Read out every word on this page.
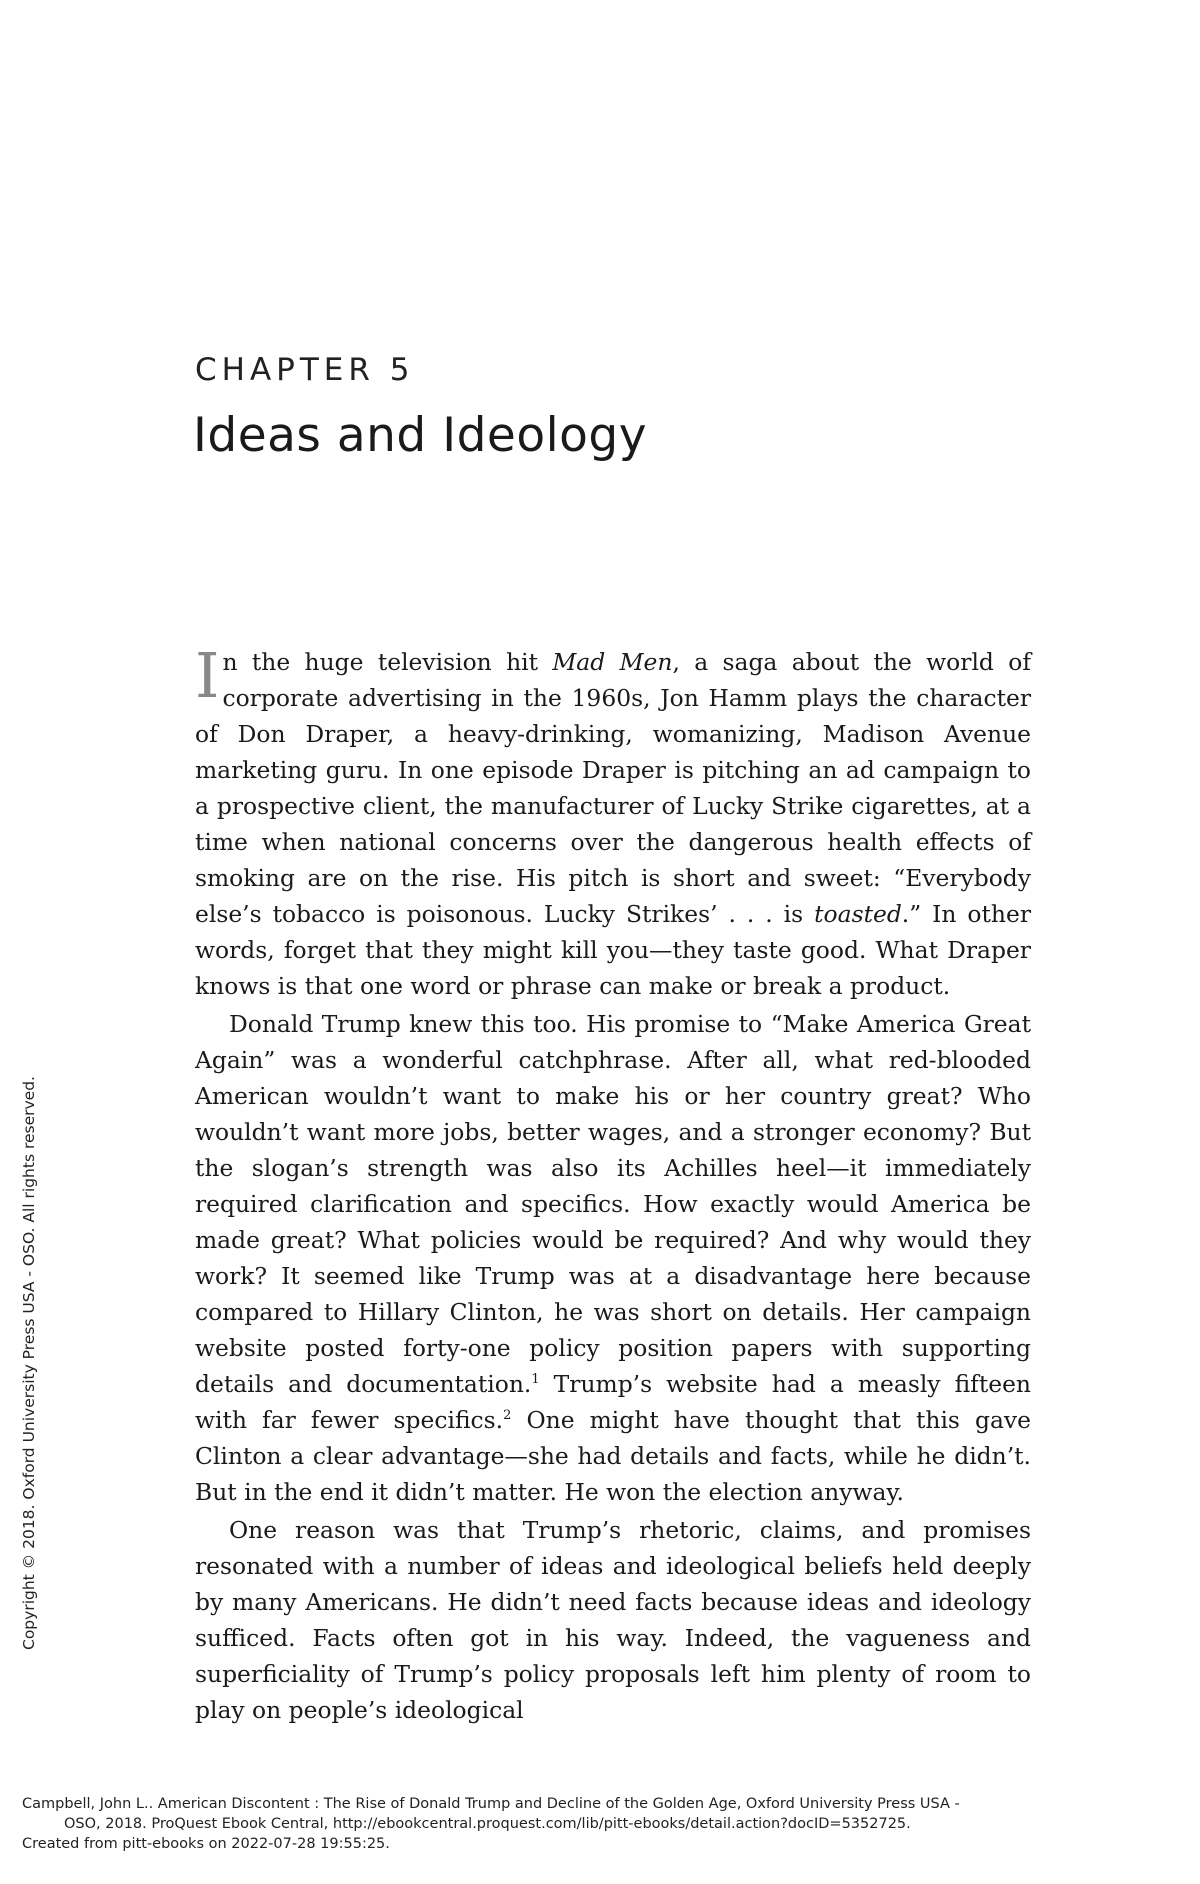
CHAPTER 5
Ideas and Ideology

In the huge television hit Mad Men, a saga about the world of corporate advertising in the 1960s, Jon Hamm plays the character of Don Draper, a heavy-drinking, womanizing, Madison Avenue marketing guru. In one episode Draper is pitching an ad campaign to a prospective client, the manufacturer of Lucky Strike cigarettes, at a time when national concerns over the dangerous health effects of smoking are on the rise. His pitch is short and sweet: “Everybody else’s tobacco is poisonous. Lucky Strikes’ . . . is toasted.” In other words, forget that they might kill you—they taste good. What Draper knows is that one word or phrase can make or break a product.

Donald Trump knew this too. His promise to “Make America Great Again” was a wonderful catchphrase. After all, what red-blooded American wouldn’t want to make his or her country great? Who wouldn’t want more jobs, better wages, and a stronger economy? But the slogan’s strength was also its Achilles heel—it immediately required clarification and specifics. How exactly would America be made great? What policies would be required? And why would they work? It seemed like Trump was at a disadvantage here because compared to Hillary Clinton, he was short on details. Her campaign website posted forty-one policy position papers with supporting details and documentation.$^1$ Trump’s website had a measly fifteen with far fewer specifics.$^2$ One might have thought that this gave Clinton a clear advantage—she had details and facts, while he didn’t. But in the end it didn’t matter. He won the election anyway.

One reason was that Trump’s rhetoric, claims, and promises resonated with a number of ideas and ideological beliefs held deeply by many Americans. He didn’t need facts because ideas and ideology sufficed. Facts often got in his way. Indeed, the vagueness and superficiality of Trump’s policy proposals left him plenty of room to play on people’s ideological

Copyright © 2018. Oxford University Press USA - OSO. All rights reserved.
Campbell, John L.. American Discontent : The Rise of Donald Trump and Decline of the Golden Age, Oxford University Press USA -
OSO, 2018. ProQuest Ebook Central, http://ebookcentral.proquest.com/lib/pitt-ebooks/detail.action?docID=5352725.
Created from pitt-ebooks on 2022-07-28 19:55:25.
